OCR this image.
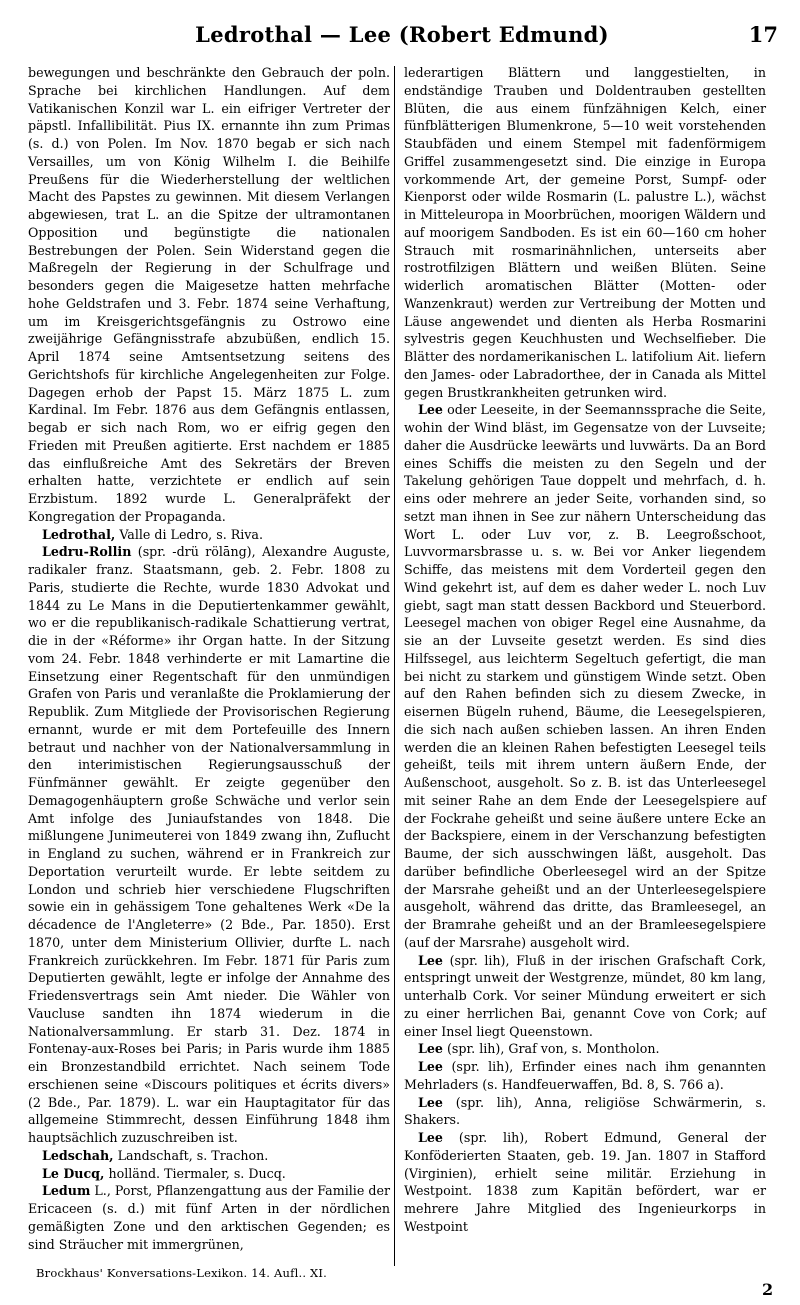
Ledrothal — Lee (Robert Edmund)	17

bewegungen und beschränkte den Gebrauch der poln. Sprache bei kirchlichen Handlungen. Auf dem Vatikanischen Konzil war L. ein eifriger Vertreter der päpstl. Infallibilität. Pius IX. ernannte ihn zum Primas (s. d.) von Polen. Im Nov. 1870 begab er sich nach Versailles, um von König Wilhelm I. die Beihilfe Preußens für die Wiederherstellung der weltlichen Macht des Papstes zu gewinnen. Mit diesem Verlangen abgewiesen, trat L. an die Spitze der ultramontanen Opposition und begünstigte die nationalen Bestrebungen der Polen. Sein Widerstand gegen die Maßregeln der Regierung in der Schulfrage und besonders gegen die Maigesetze hatten mehrfache hohe Geldstrafen und 3. Febr. 1874 seine Verhaftung, um im Kreisgerichtsgefängnis zu Ostrowo eine zweijährige Gefängnisstrafe abzubüßen, endlich 15. April 1874 seine Amtsentsetzung seitens des Gerichtshofs für kirchliche Angelegenheiten zur Folge. Dagegen erhob der Papst 15. März 1875 L. zum Kardinal. Im Febr. 1876 aus dem Gefängnis entlassen, begab er sich nach Rom, wo er eifrig gegen den Frieden mit Preußen agitierte. Erst nachdem er 1885 das einflußreiche Amt des Sekretärs der Breven erhalten hatte, verzichtete er endlich auf sein Erzbistum. 1892 wurde L. Generalpräfekt der Kongregation der Propaganda.

Ledrothal, Valle di Ledro, s. Riva.

Ledru-Rollin (spr. -drü rölāng), Alexandre Auguste, radikaler franz. Staatsmann, geb. 2. Febr. 1808 zu Paris, studierte die Rechte, wurde 1830 Advokat und 1844 zu Le Mans in die Deputiertenkammer gewählt, wo er die republikanisch-radikale Schattierung vertrat, die in der «Réforme» ihr Organ hatte. In der Sitzung vom 24. Febr. 1848 verhinderte er mit Lamartine die Einsetzung einer Regentschaft für den unmündigen Grafen von Paris und veranlaßte die Proklamierung der Republik. Zum Mitgliede der Provisorischen Regierung ernannt, wurde er mit dem Portefeuille des Innern betraut und nachher von der Nationalversammlung in den interimistischen Regierungsausschuß der Fünfmänner gewählt. Er zeigte gegenüber den Demagogenhäuptern große Schwäche und verlor sein Amt infolge des Juniaufstandes von 1848. Die mißlungene Junimeuterei von 1849 zwang ihn, Zuflucht in England zu suchen, während er in Frankreich zur Deportation verurteilt wurde. Er lebte seitdem zu London und schrieb hier verschiedene Flugschriften sowie ein in gehässigem Tone gehaltenes Werk «De la décadence de l'Angleterre» (2 Bde., Par. 1850). Erst 1870, unter dem Ministerium Ollivier, durfte L. nach Frankreich zurückkehren. Im Febr. 1871 für Paris zum Deputierten gewählt, legte er infolge der Annahme des Friedensvertrags sein Amt nieder. Die Wähler von Vaucluse sandten ihn 1874 wiederum in die Nationalversammlung. Er starb 31. Dez. 1874 in Fontenay-aux-Roses bei Paris; in Paris wurde ihm 1885 ein Bronzestandbild errichtet. Nach seinem Tode erschienen seine «Discours politiques et écrits divers» (2 Bde., Par. 1879). L. war ein Hauptagitator für das allgemeine Stimmrecht, dessen Einführung 1848 ihm hauptsächlich zuzuschreiben ist.

Ledschah, Landschaft, s. Trachon.

Le Ducq, holländ. Tiermaler, s. Ducq.

Ledum L., Porst, Pflanzengattung aus der Familie der Ericaceen (s. d.) mit fünf Arten in der nördlichen gemäßigten Zone und den arktischen Gegenden; es sind Sträucher mit immergrünen,

lederartigen Blättern und langgestielten, in endständige Trauben und Doldentrauben gestellten Blüten, die aus einem fünfzähnigen Kelch, einer fünfblätterigen Blumenkrone, 5—10 weit vorstehenden Staubfäden und einem Stempel mit fadenförmigem Griffel zusammengesetzt sind. Die einzige in Europa vorkommende Art, der gemeine Porst, Sumpf- oder Kienporst oder wilde Rosmarin (L. palustre L.), wächst in Mitteleuropa in Moorbrüchen, moorigen Wäldern und auf moorigem Sandboden. Es ist ein 60—160 cm hoher Strauch mit rosmarinähnlichen, unterseits aber rostrotfilzigen Blättern und weißen Blüten. Seine widerlich aromatischen Blätter (Motten- oder Wanzenkraut) werden zur Vertreibung der Motten und Läuse angewendet und dienten als Herba Rosmarini sylvestris gegen Keuchhusten und Wechselfieber. Die Blätter des nordamerikanischen L. latifolium Ait. liefern den James- oder Labradorthee, der in Canada als Mittel gegen Brustkrankheiten getrunken wird.

Lee oder Leeseite, in der Seemannssprache die Seite, wohin der Wind bläst, im Gegensatze von der Luvseite; daher die Ausdrücke leewärts und luvwärts. Da an Bord eines Schiffs die meisten zu den Segeln und der Takelung gehörigen Taue doppelt und mehrfach, d. h. eins oder mehrere an jeder Seite, vorhanden sind, so setzt man ihnen in See zur nähern Unterscheidung das Wort L. oder Luv vor, z. B. Leegroßschoot, Luvvormarsbrasse u. s. w. Bei vor Anker liegendem Schiffe, das meistens mit dem Vorderteil gegen den Wind gekehrt ist, auf dem es daher weder L. noch Luv giebt, sagt man statt dessen Backbord und Steuerbord. Leesegel machen von obiger Regel eine Ausnahme, da sie an der Luvseite gesetzt werden. Es sind dies Hilfssegel, aus leichterm Segeltuch gefertigt, die man bei nicht zu starkem und günstigem Winde setzt. Oben auf den Rahen befinden sich zu diesem Zwecke, in eisernen Bügeln ruhend, Bäume, die Leesegelspieren, die sich nach außen schieben lassen. An ihren Enden werden die an kleinen Rahen befestigten Leesegel teils geheißt, teils mit ihrem untern äußern Ende, der Außenschoot, ausgeholt. So z. B. ist das Unterleesegel mit seiner Rahe an dem Ende der Leesegelspiere auf der Fockrahe geheißt und seine äußere untere Ecke an der Backspiere, einem in der Verschanzung befestigten Baume, der sich ausschwingen läßt, ausgeholt. Das darüber befindliche Oberleesegel wird an der Spitze der Marsrahe geheißt und an der Unterleesegelspiere ausgeholt, während das dritte, das Bramleesegel, an der Bramrahe geheißt und an der Bramleesegelspiere (auf der Marsrahe) ausgeholt wird.

Lee (spr. lih), Fluß in der irischen Grafschaft Cork, entspringt unweit der Westgrenze, mündet, 80 km lang, unterhalb Cork. Vor seiner Mündung erweitert er sich zu einer herrlichen Bai, genannt Cove von Cork; auf einer Insel liegt Queenstown.

Lee (spr. lih), Graf von, s. Montholon.

Lee (spr. lih), Erfinder eines nach ihm genannten Mehrladers (s. Handfeuerwaffen, Bd. 8, S. 766 a).

Lee (spr. lih), Anna, religiöse Schwärmerin, s. Shakers.

Lee (spr. lih), Robert Edmund, General der Konföderierten Staaten, geb. 19. Jan. 1807 in Stafford (Virginien), erhielt seine militär. Erziehung in Westpoint. 1838 zum Kapitän befördert, war er mehrere Jahre Mitglied des Ingenieurkorps in Westpoint

Brockhaus' Konversations-Lexikon. 14. Aufl.. XI.
2
